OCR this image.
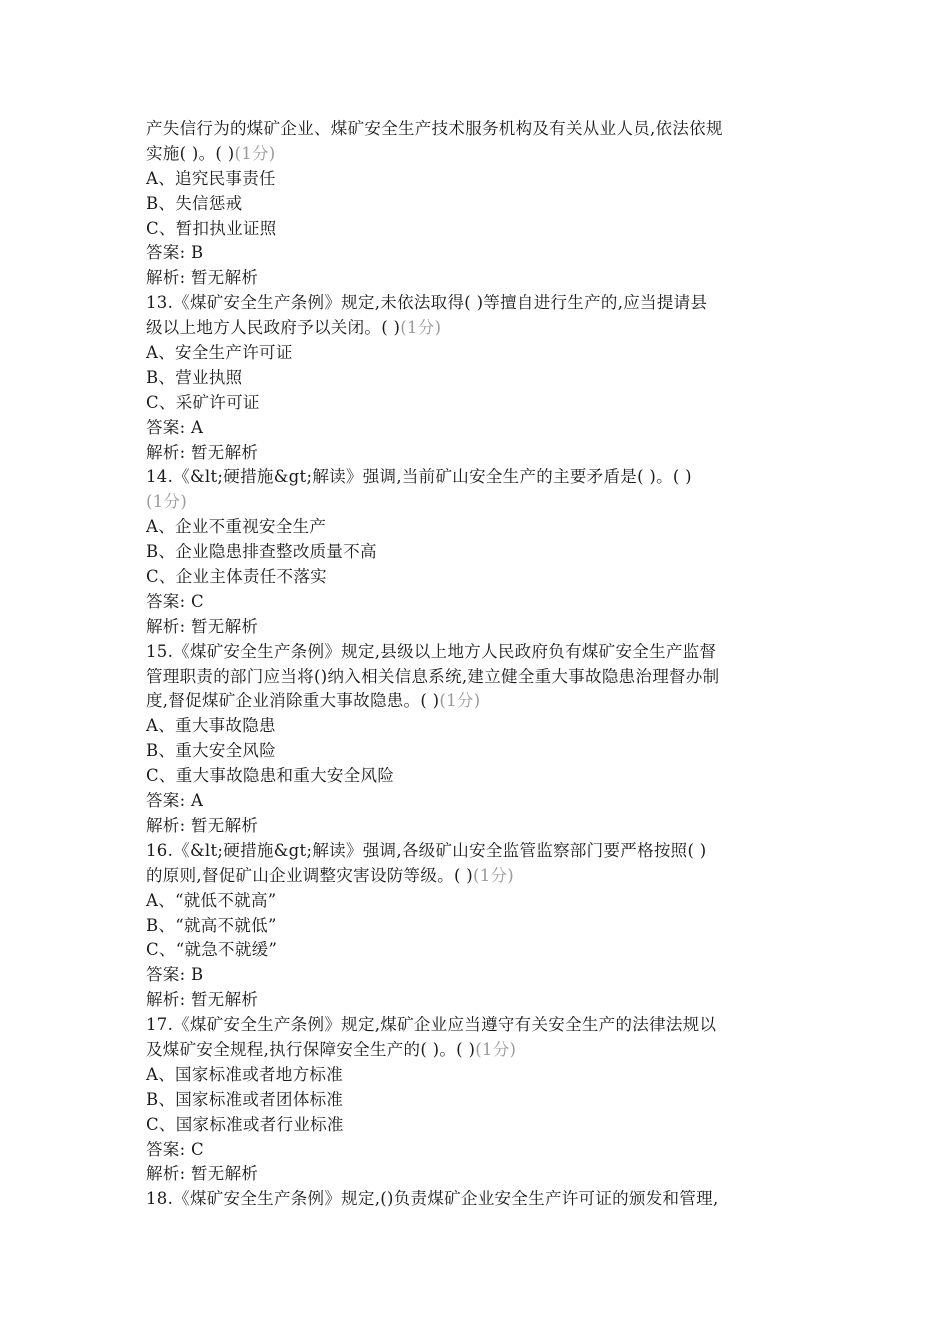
产失信行为的煤矿企业、煤矿安全生产技术服务机构及有关从业人员,依法依规
实施( )。( )(1分)
A、追究民事责任
B、失信惩戒
C、暂扣执业证照
答案: B
解析: 暂无解析
13.《煤矿安全生产条例》规定,未依法取得( )等擅自进行生产的,应当提请县
级以上地方人民政府予以关闭。( )(1分)
A、安全生产许可证
B、营业执照
C、采矿许可证
答案: A
解析: 暂无解析
14.《&lt;硬措施&gt;解读》强调,当前矿山安全生产的主要矛盾是( )。( )
(1分)
A、企业不重视安全生产
B、企业隐患排查整改质量不高
C、企业主体责任不落实
答案: C
解析: 暂无解析
15.《煤矿安全生产条例》规定,县级以上地方人民政府负有煤矿安全生产监督
管理职责的部门应当将()纳入相关信息系统,建立健全重大事故隐患治理督办制
度,督促煤矿企业消除重大事故隐患。( )(1分)
A、重大事故隐患
B、重大安全风险
C、重大事故隐患和重大安全风险
答案: A
解析: 暂无解析
16.《&lt;硬措施&gt;解读》强调,各级矿山安全监管监察部门要严格按照( )
的原则,督促矿山企业调整灾害设防等级。( )(1分)
A、“就低不就高”
B、“就高不就低”
C、“就急不就缓”
答案: B
解析: 暂无解析
17.《煤矿安全生产条例》规定,煤矿企业应当遵守有关安全生产的法律法规以
及煤矿安全规程,执行保障安全生产的( )。( )(1分)
A、国家标准或者地方标准
B、国家标准或者团体标准
C、国家标准或者行业标准
答案: C
解析: 暂无解析
18.《煤矿安全生产条例》规定,()负责煤矿企业安全生产许可证的颁发和管理,
